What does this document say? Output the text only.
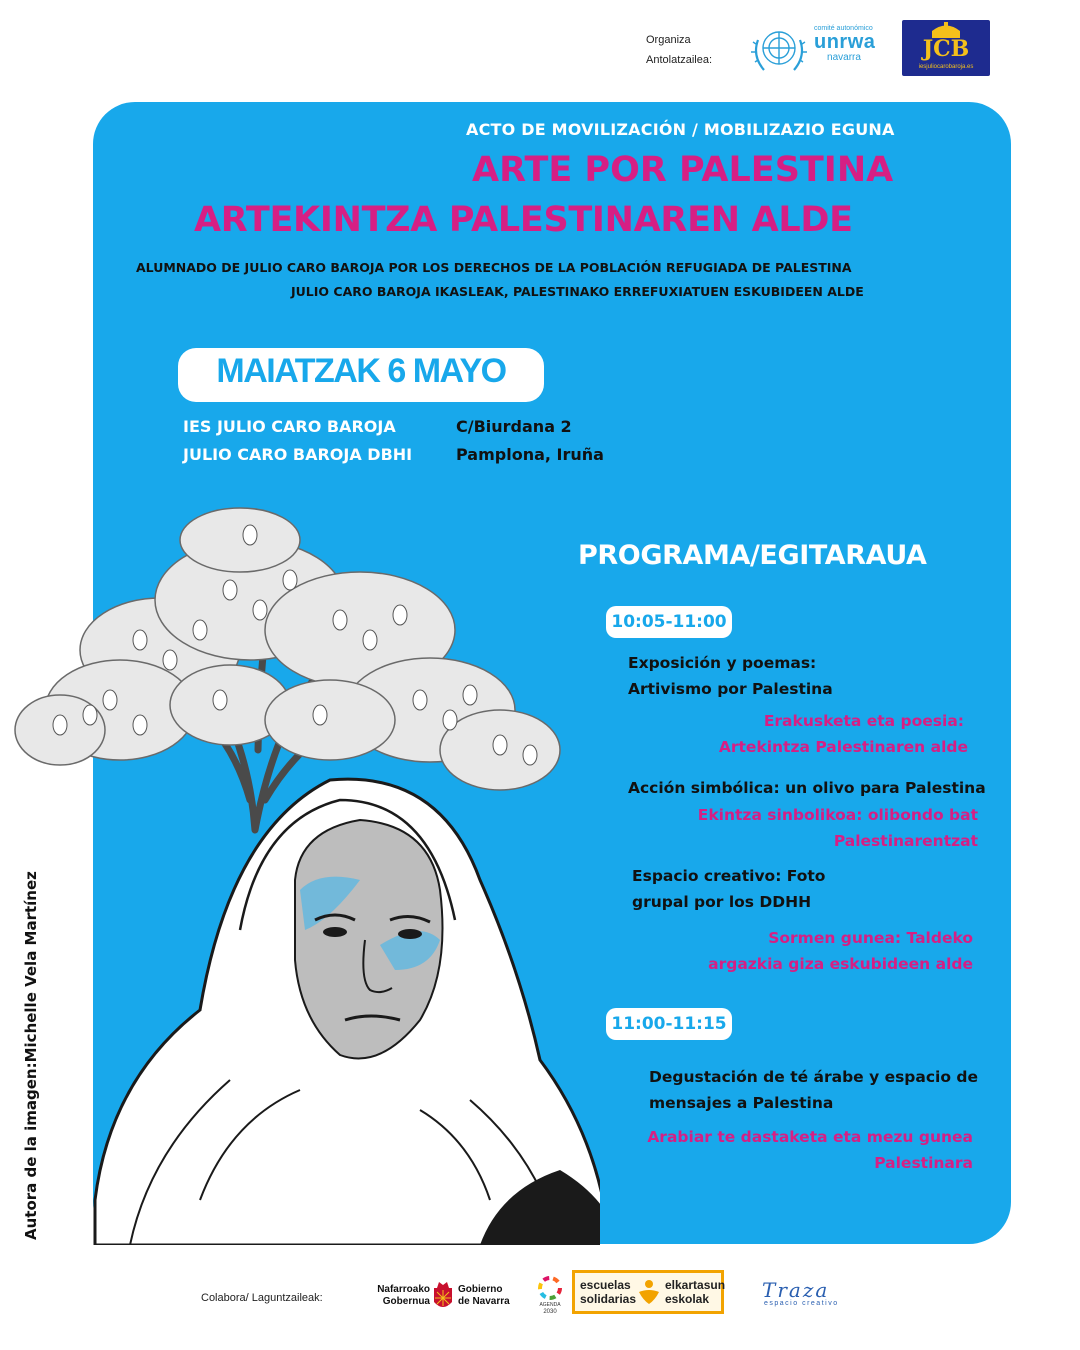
Organiza
Antolatzailea:
comité autonómico
unrwa
navarra	JCB
iesjuliocarobaroja.es
ACTO DE MOVILIZACIÓN / MOBILIZAZIO EGUNA
ARTE POR PALESTINA
ARTEKINTZA PALESTINAREN ALDE
ALUMNADO DE JULIO CARO BAROJA POR LOS DERECHOS DE LA POBLACIÓN REFUGIADA DE PALESTINA
JULIO CARO BAROJA IKASLEAK, PALESTINAKO ERREFUXIATUEN ESKUBIDEEN ALDE
MAIATZAK 6 MAYO
IES JULIO CARO BAROJA
JULIO CARO BAROJA DBHI
C/Biurdana 2
Pamplona, Iruña
Autora de la imagen:Michelle Vela Martínez
PROGRAMA/EGITARAUA
10:05-11:00
Exposición y poemas:
Artivismo por Palestina
Erakusketa eta poesia:
Artekintza Palestinaren alde
Acción simbólica: un olivo para Palestina
Ekintza sinbolikoa: olibondo bat
Palestinarentzat
Espacio creativo: Foto
grupal por los DDHH
Sormen gunea: Taldeko
argazkia giza eskubideen alde
11:00-11:15
Degustación de té árabe y espacio de
mensajes a Palestina
Arabiar te dastaketa eta mezu gunea
Palestinara
Colabora/ Laguntzaileak:
Nafarroako
Gobernua
Gobierno
de Navarra	AGENDA
2030
escuelas
solidarias
elkartasun
eskolak	Traza
espacio creativo
